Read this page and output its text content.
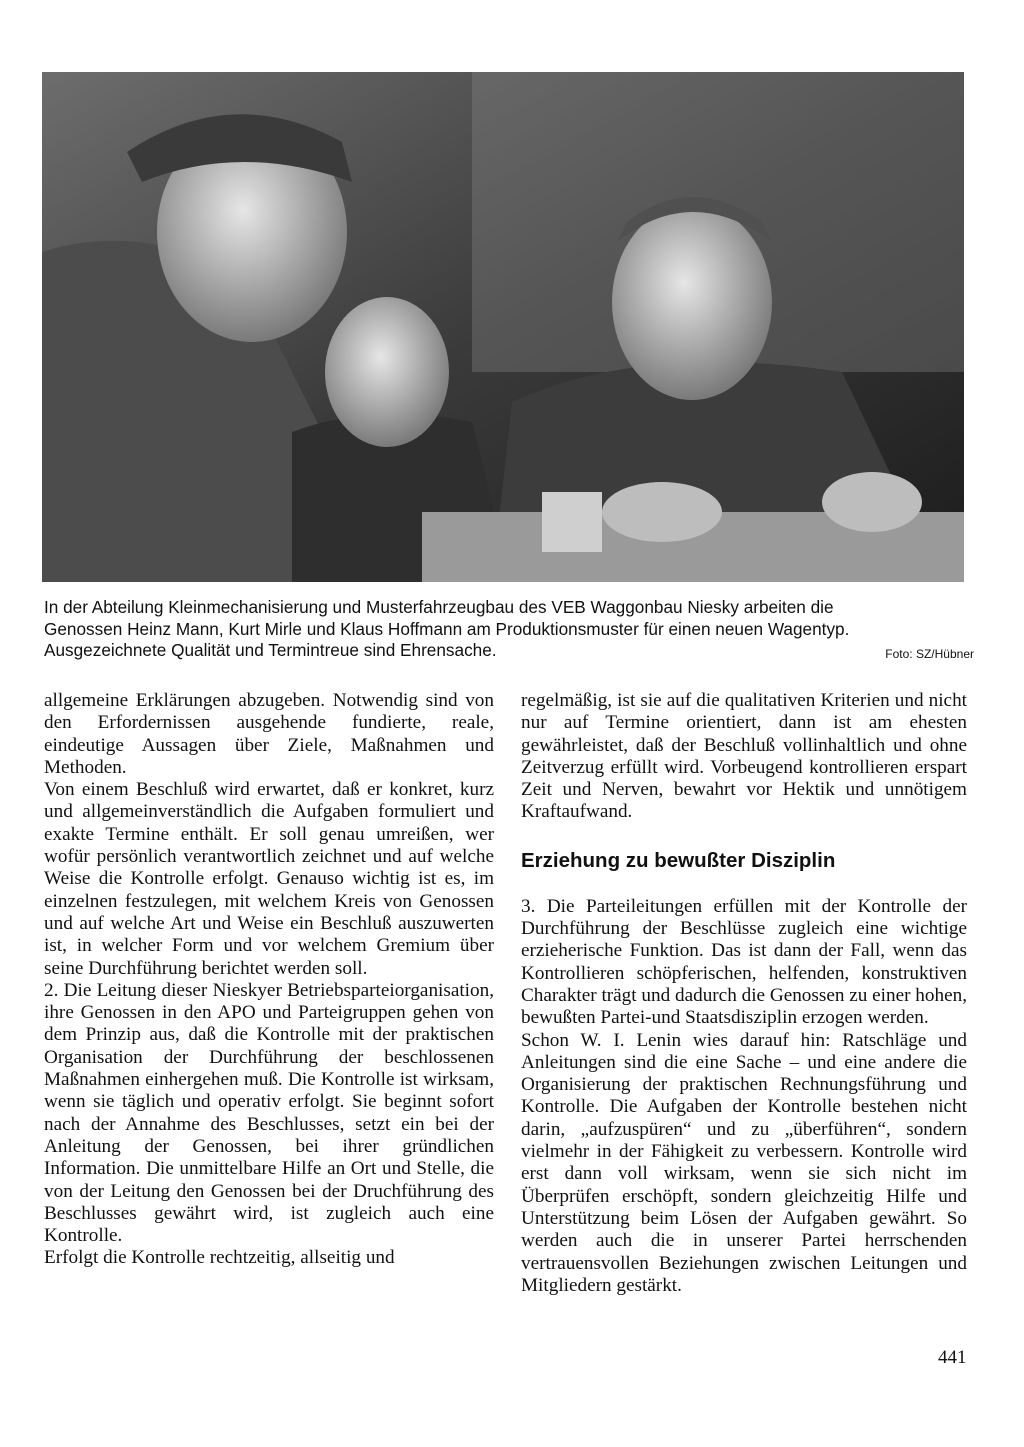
In der Abteilung Kleinmechanisierung und Musterfahrzeugbau des VEB Waggonbau Niesky arbeiten die

Genossen Heinz Mann, Kurt Mirle und Klaus Hoffmann am Produktionsmuster für einen neuen Wagentyp.

Ausgezeichnete Qualität und Termintreue sind Ehrensache.	Foto: SZ/Hübner

allgemeine Erklärungen abzugeben. Notwendig sind von den Erfordernissen ausgehende fundierte, reale, eindeutige Aussagen über Ziele, Maßnahmen und Methoden.

Von einem Beschluß wird erwartet, daß er konkret, kurz und allgemeinverständlich die Aufgaben formuliert und exakte Termine enthält. Er soll genau umreißen, wer wofür persönlich verantwortlich zeichnet und auf welche Weise die Kontrolle erfolgt. Genauso wichtig ist es, im einzelnen festzulegen, mit welchem Kreis von Genossen und auf welche Art und Weise ein Beschluß auszuwerten ist, in welcher Form und vor welchem Gremium über seine Durchführung berichtet werden soll.

2. Die Leitung dieser Nieskyer Betriebsparteiorganisation, ihre Genossen in den APO und Parteigruppen gehen von dem Prinzip aus, daß die Kontrolle mit der praktischen Organisation der Durchführung der beschlossenen Maßnahmen einhergehen muß. Die Kontrolle ist wirksam, wenn sie täglich und operativ erfolgt. Sie beginnt sofort nach der Annahme des Beschlusses, setzt ein bei der Anleitung der Genossen, bei ihrer gründlichen Information. Die unmittelbare Hilfe an Ort und Stelle, die von der Leitung den Genossen bei der Druchführung des Beschlusses gewährt wird, ist zugleich auch eine Kontrolle.

Erfolgt die Kontrolle rechtzeitig, allseitig und

regelmäßig, ist sie auf die qualitativen Kriterien und nicht nur auf Termine orientiert, dann ist am ehesten gewährleistet, daß der Beschluß vollinhaltlich und ohne Zeitverzug erfüllt wird. Vorbeugend kontrollieren erspart Zeit und Nerven, bewahrt vor Hektik und unnötigem Kraftaufwand.

Erziehung zu bewußter Disziplin

3. Die Parteileitungen erfüllen mit der Kontrolle der Durchführung der Beschlüsse zugleich eine wichtige erzieherische Funktion. Das ist dann der Fall, wenn das Kontrollieren schöpferischen, helfenden, konstruktiven Charakter trägt und dadurch die Genossen zu einer hohen, bewußten Partei-und Staatsdisziplin erzogen werden.

Schon W. I. Lenin wies darauf hin: Ratschläge und Anleitungen sind die eine Sache – und eine andere die Organisierung der praktischen Rechnungsführung und Kontrolle. Die Aufgaben der Kontrolle bestehen nicht darin, „aufzuspüren“ und zu „überführen“, sondern vielmehr in der Fähigkeit zu verbessern. Kontrolle wird erst dann voll wirksam, wenn sie sich nicht im Überprüfen erschöpft, sondern gleichzeitig Hilfe und Unterstützung beim Lösen der Aufgaben gewährt. So werden auch die in unserer Partei herrschenden vertrauensvollen Beziehungen zwischen Leitungen und Mitgliedern gestärkt.

441
